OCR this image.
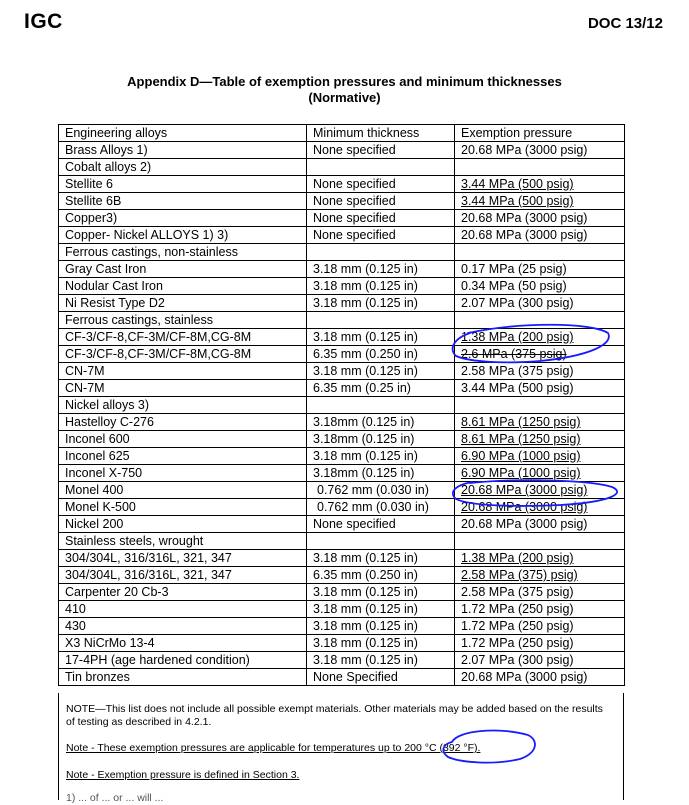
IGC	DOC 13/12
Appendix D—Table of exemption pressures and minimum thicknesses
(Normative)
Engineering alloys	Minimum thickness	Exemption pressure
Brass Alloys 1)	None specified	20.68 MPa (3000 psig)
Cobalt alloys 2)		
Stellite 6	None specified	3.44 MPa (500 psig)
Stellite 6B	None specified	3.44 MPa (500 psig)
Copper3)	None specified	20.68 MPa (3000 psig)
Copper- Nickel ALLOYS 1) 3)	None specified	20.68 MPa (3000 psig)
Ferrous castings, non-stainless		
Gray Cast Iron	3.18 mm (0.125 in)	0.17 MPa (25 psig)
Nodular Cast Iron	3.18 mm (0.125 in)	0.34 MPa (50 psig)
Ni Resist Type D2	3.18 mm (0.125 in)	2.07 MPa (300 psig)
Ferrous castings, stainless		
CF-3/CF-8,CF-3M/CF-8M,CG-8M	3.18 mm (0.125 in)	1.38 MPa (200 psig)
CF-3/CF-8,CF-3M/CF-8M,CG-8M	6.35 mm (0.250 in)	2.6 MPa (375 psig)
CN-7M	3.18 mm (0.125 in)	2.58 MPa (375 psig)
CN-7M	6.35 mm (0.25 in)	3.44 MPa (500 psig)
Nickel alloys 3)		
Hastelloy C-276	3.18mm (0.125 in)	8.61 MPa (1250 psig)
Inconel 600	3.18mm (0.125 in)	8.61 MPa (1250 psig)
Inconel 625	3.18 mm (0.125 in)	6.90 MPa (1000 psig)
Inconel X-750	3.18mm (0.125 in)	6.90 MPa (1000 psig)
Monel 400	0.762 mm (0.030 in)	20.68 MPa (3000 psig)
Monel K-500	0.762 mm (0.030 in)	20.68 MPa (3000 psig)
Nickel 200	None specified	20.68 MPa (3000 psig)
Stainless steels, wrought		
304/304L, 316/316L, 321, 347	3.18 mm (0.125 in)	1.38 MPa (200 psig)
304/304L, 316/316L, 321, 347	6.35 mm (0.250 in)	2.58 MPa (375) psig)
Carpenter 20 Cb-3	3.18 mm (0.125 in)	2.58 MPa (375 psig)
410	3.18 mm (0.125 in)	1.72 MPa (250 psig)
430	3.18 mm (0.125 in)	1.72 MPa (250 psig)
X3 NiCrMo 13-4	3.18 mm (0.125 in)	1.72 MPa (250 psig)
17-4PH (age hardened condition)	3.18 mm (0.125 in)	2.07 MPa (300 psig)
Tin bronzes	None Specified	20.68 MPa (3000 psig)
NOTE—This list does not include all possible exempt materials. Other materials may be added based on the results of testing as described in 4.2.1.
Note - These exemption pressures are applicable for temperatures up to 200 °C (392 °F).
Note - Exemption pressure is defined in Section 3.
1) ... of ... or ... will ...
